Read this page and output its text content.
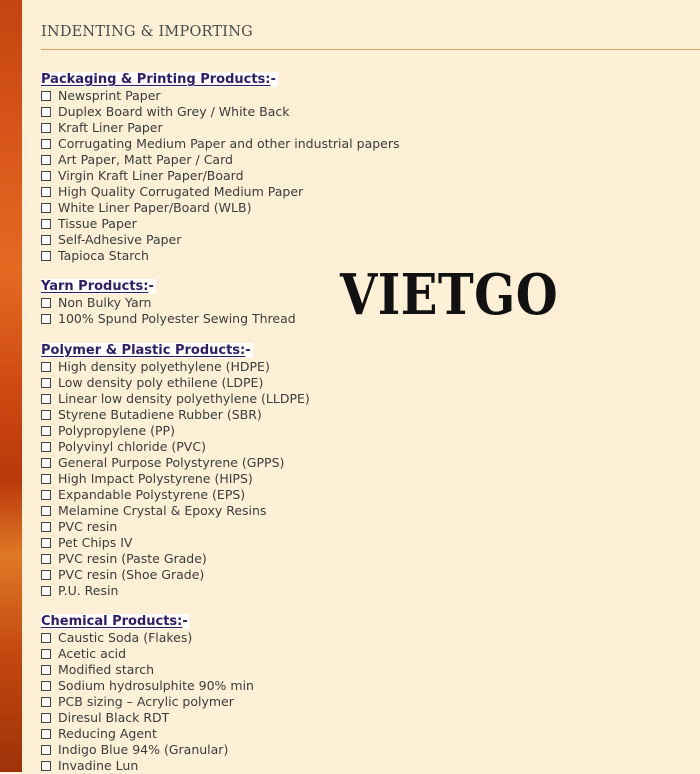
INDENTING & IMPORTING
Packaging & Printing Products:-
Newsprint Paper
Duplex Board with Grey / White Back
Kraft Liner Paper
Corrugating Medium Paper and other industrial papers
Art Paper, Matt Paper / Card
Virgin Kraft Liner Paper/Board
High Quality Corrugated Medium Paper
White Liner Paper/Board (WLB)
Tissue Paper
Self-Adhesive Paper
Tapioca Starch
Yarn Products:-
Non Bulky Yarn
100% Spund Polyester Sewing Thread
Polymer & Plastic Products:-
High density polyethylene (HDPE)
Low density poly ethilene (LDPE)
Linear low density polyethylene (LLDPE)
Styrene Butadiene Rubber (SBR)
Polypropylene (PP)
Polyvinyl chloride (PVC)
General Purpose Polystyrene (GPPS)
High Impact Polystyrene (HIPS)
Expandable Polystyrene (EPS)
Melamine Crystal & Epoxy Resins
PVC resin
Pet Chips IV
PVC resin (Paste Grade)
PVC resin (Shoe Grade)
P.U. Resin
Chemical Products:-
Caustic Soda (Flakes)
Acetic acid
Modified starch
Sodium hydrosulphite 90% min
PCB sizing – Acrylic polymer
Diresul Black RDT
Reducing Agent
Indigo Blue 94% (Granular)
Invadine Lun
VIETGO
